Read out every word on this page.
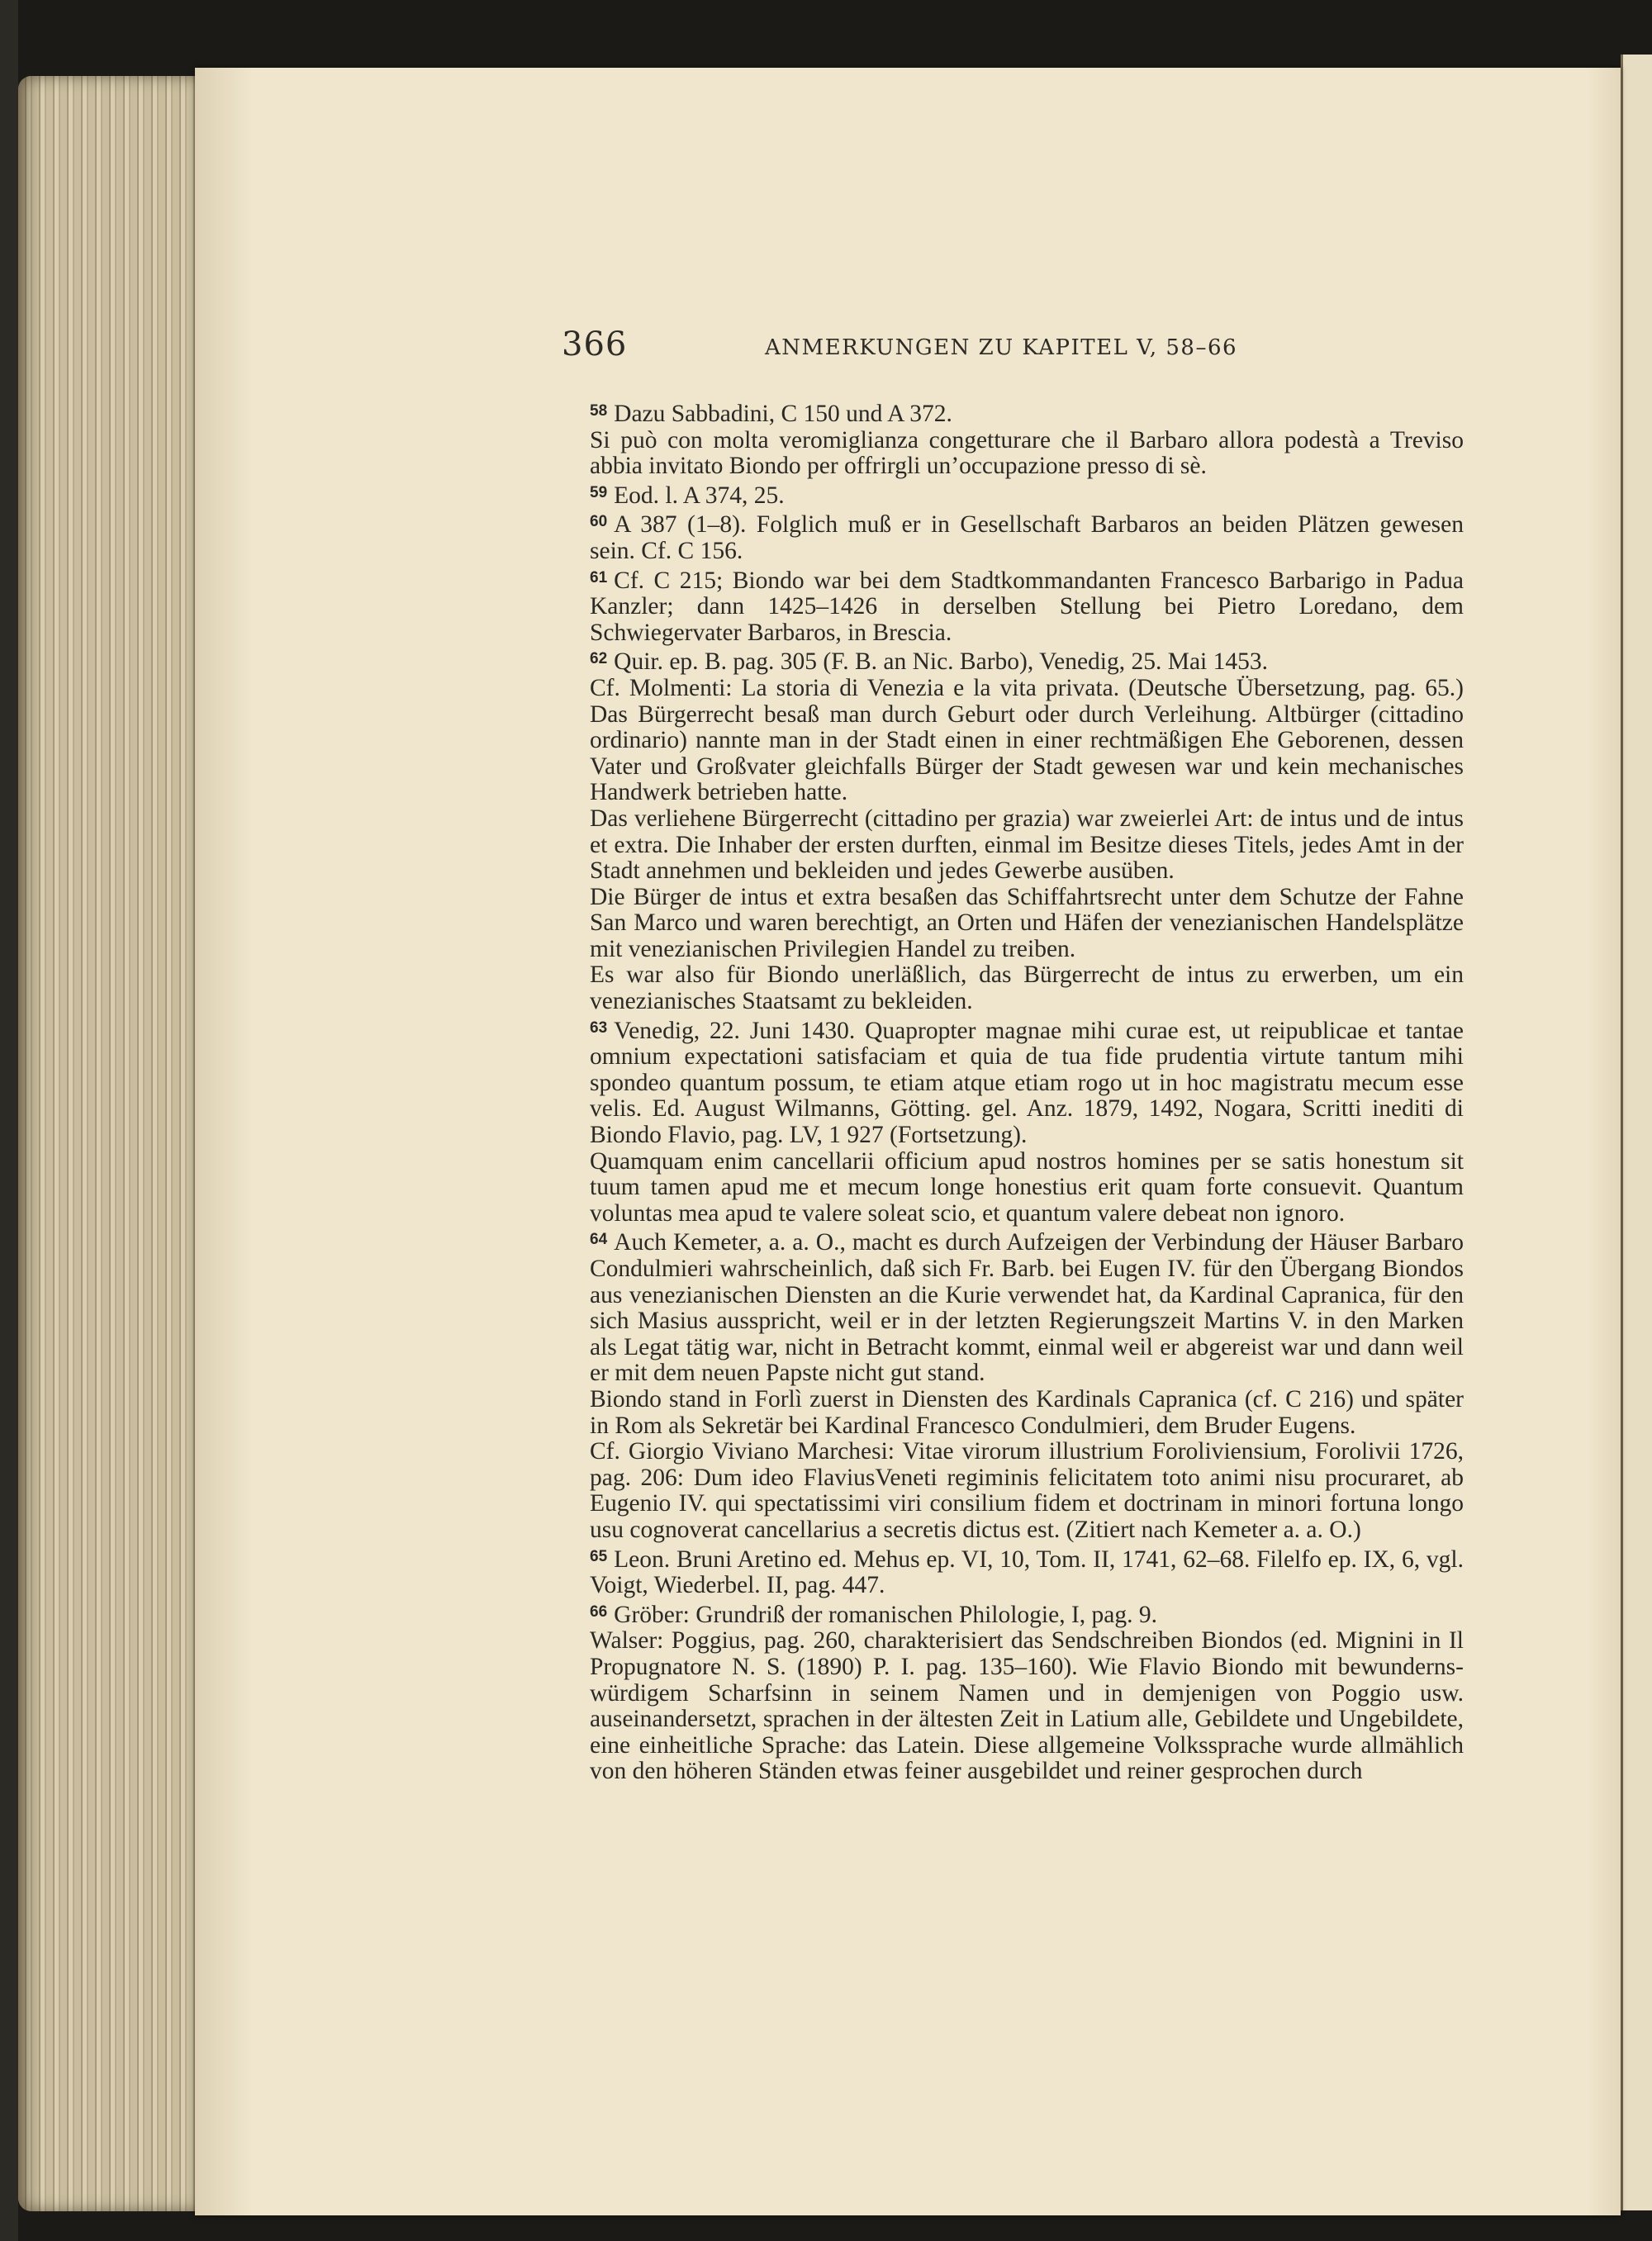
366	ANMERKUNGEN ZU KAPITEL V, 58–66

$^{58}$ Dazu Sabbadini, C 150 und A 372.

Si può con molta veromiglianza congetturare che il Barbaro allora podestà a Treviso abbia invitato Biondo per offrirgli un’occupazione presso di sè.

$^{59}$ Eod. l. A 374, 25.

$^{60}$ A 387 (1–8). Folglich muß er in Gesellschaft Barbaros an beiden Plätzen gewesen sein. Cf. C 156.

$^{61}$ Cf. C 215; Biondo war bei dem Stadtkommandanten Francesco Barbarigo in Padua Kanzler; dann 1425–1426 in derselben Stellung bei Pietro Loredano, dem Schwiegervater Barbaros, in Brescia.

$^{62}$ Quir. ep. B. pag. 305 (F. B. an Nic. Barbo), Venedig, 25. Mai 1453.

Cf. Molmenti: La storia di Venezia e la vita privata. (Deutsche Übersetzung, pag. 65.) Das Bürgerrecht besaß man durch Geburt oder durch Verleihung. Altbürger (cittadino ordinario) nannte man in der Stadt einen in einer rechtmäßigen Ehe Geborenen, dessen Vater und Großvater gleichfalls Bürger der Stadt gewesen war und kein mechanisches Handwerk betrieben hatte.

Das verliehene Bürgerrecht (cittadino per grazia) war zweierlei Art: de intus und de intus et extra. Die Inhaber der ersten durften, einmal im Besitze dieses Titels, jedes Amt in der Stadt annehmen und bekleiden und jedes Gewerbe ausüben.

Die Bürger de intus et extra besaßen das Schiffahrtsrecht unter dem Schutze der Fahne San Marco und waren berechtigt, an Orten und Häfen der venezianischen Handelsplätze mit venezianischen Privilegien Handel zu treiben.

Es war also für Biondo unerläßlich, das Bürgerrecht de intus zu erwerben, um ein venezianisches Staatsamt zu bekleiden.

$^{63}$ Venedig, 22. Juni 1430. Quapropter magnae mihi curae est, ut reipublicae et tantae omnium expectationi satisfaciam et quia de tua fide prudentia virtute tantum mihi spondeo quantum possum, te etiam atque etiam rogo ut in hoc magistratu mecum esse velis. Ed. August Wilmanns, Götting. gel. Anz. 1879, 1492, Nogara, Scritti inediti di Biondo Flavio, pag. LV, 1 927 (Fortsetzung).

Quamquam enim cancellarii officium apud nostros homines per se satis honestum sit tuum tamen apud me et mecum longe honestius erit quam forte consuevit. Quantum voluntas mea apud te valere soleat scio, et quantum valere debeat non ignoro.

$^{64}$ Auch Kemeter, a. a. O., macht es durch Aufzeigen der Verbindung der Häuser Barbaro Condulmieri wahrscheinlich, daß sich Fr. Barb. bei Eugen IV. für den Übergang Biondos aus venezianischen Diensten an die Kurie verwendet hat, da Kardinal Capranica, für den sich Masius ausspricht, weil er in der letzten Regierungszeit Martins V. in den Marken als Legat tätig war, nicht in Betracht kommt, einmal weil er abgereist war und dann weil er mit dem neuen Papste nicht gut stand.

Biondo stand in Forlì zuerst in Diensten des Kardinals Capranica (cf. C 216) und später in Rom als Sekretär bei Kardinal Francesco Condulmieri, dem Bruder Eugens.

Cf. Giorgio Viviano Marchesi: Vitae virorum illustrium Foroliviensium, Forolivii 1726, pag. 206: Dum ideo FlaviusVeneti regiminis felicitatem toto animi nisu procuraret, ab Eugenio IV. qui spectatissimi viri consilium fidem et doctrinam in minori fortuna longo usu cognoverat cancellarius a secretis dictus est. (Zitiert nach Kemeter a. a. O.)

$^{65}$ Leon. Bruni Aretino ed. Mehus ep. VI, 10, Tom. II, 1741, 62–68. Filelfo ep. IX, 6, vgl. Voigt, Wiederbel. II, pag. 447.

$^{66}$ Gröber: Grundriß der romanischen Philologie, I, pag. 9.

Walser: Poggius, pag. 260, charakterisiert das Sendschreiben Biondos (ed. Mignini in Il Propugnatore N. S. (1890) P. I. pag. 135–160). Wie Flavio Biondo mit bewunderns-würdigem Scharfsinn in seinem Namen und in demjenigen von Poggio usw. auseinandersetzt, sprachen in der ältesten Zeit in Latium alle, Gebildete und Ungebildete, eine einheitliche Sprache: das Latein. Diese allgemeine Volkssprache wurde allmählich von den höheren Ständen etwas feiner ausgebildet und reiner gesprochen durch
